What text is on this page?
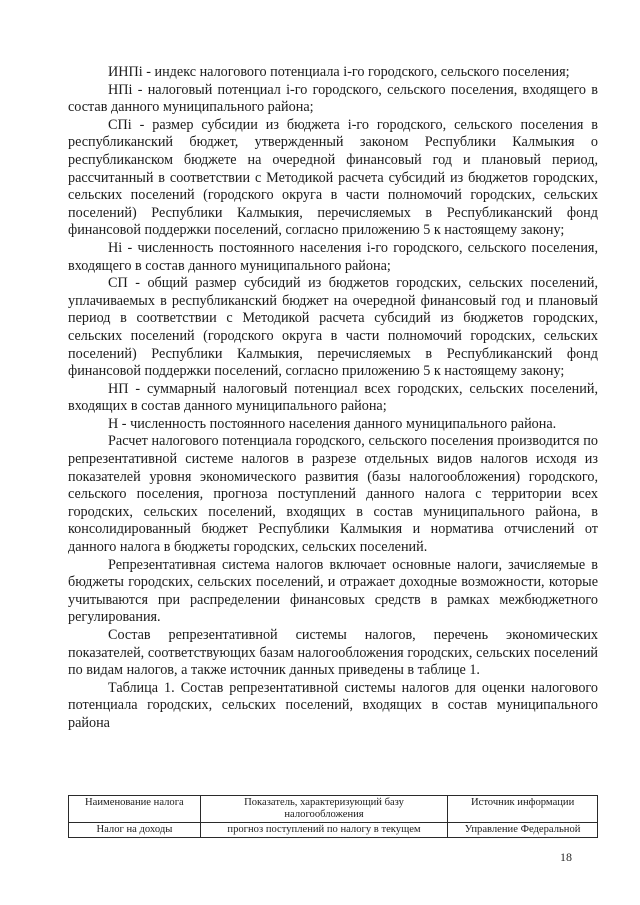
ИНПi - индекс налогового потенциала i-го городского, сельского поселения;

НПi - налоговый потенциал i-го городского, сельского поселения, входящего в состав данного муниципального района;

СПi - размер субсидии из бюджета i-го городского, сельского поселения в республиканский бюджет, утвержденный законом Республики Калмыкия о республиканском бюджете на очередной финансовый год и плановый период, рассчитанный в соответствии с Методикой расчета субсидий из бюджетов городских, сельских поселений (городского округа в части полномочий городских, сельских поселений) Республики Калмыкия, перечисляемых в Республиканский фонд финансовой поддержки поселений, согласно приложению 5 к настоящему закону;

Нi - численность постоянного населения i-го городского, сельского поселения, входящего в состав данного муниципального района;

СП - общий размер субсидий из бюджетов городских, сельских поселений, уплачиваемых в республиканский бюджет на очередной финансовый год и плановый период в соответствии с Методикой расчета субсидий из бюджетов городских, сельских поселений (городского округа в части полномочий городских, сельских поселений) Республики Калмыкия, перечисляемых в Республиканский фонд финансовой поддержки поселений, согласно приложению 5 к настоящему закону;

НП - суммарный налоговый потенциал всех городских, сельских поселений, входящих в состав данного муниципального района;

Н - численность постоянного населения данного муниципального района.

Расчет налогового потенциала городского, сельского поселения производится по репрезентативной системе налогов в разрезе отдельных видов налогов исходя из показателей уровня экономического развития (базы налогообложения) городского, сельского поселения, прогноза поступлений данного налога с территории всех городских, сельских поселений, входящих в состав муниципального района, в консолидированный бюджет Республики Калмыкия и норматива отчислений от данного налога в бюджеты городских, сельских поселений.

Репрезентативная система налогов включает основные налоги, зачисляемые в бюджеты городских, сельских поселений, и отражает доходные возможности, которые учитываются при распределении финансовых средств в рамках межбюджетного регулирования.

Состав репрезентативной системы налогов, перечень экономических показателей, соответствующих базам налогообложения городских, сельских поселений по видам налогов, а также источник данных приведены в таблице 1.

Таблица 1. Состав репрезентативной системы налогов для оценки налогового потенциала городских, сельских поселений, входящих в состав муниципального района

Наименование налога	Показатель, характеризующий базу налогообложения	Источник информации
Налог на доходы	прогноз поступлений по налогу в текущем	Управление Федеральной
18
